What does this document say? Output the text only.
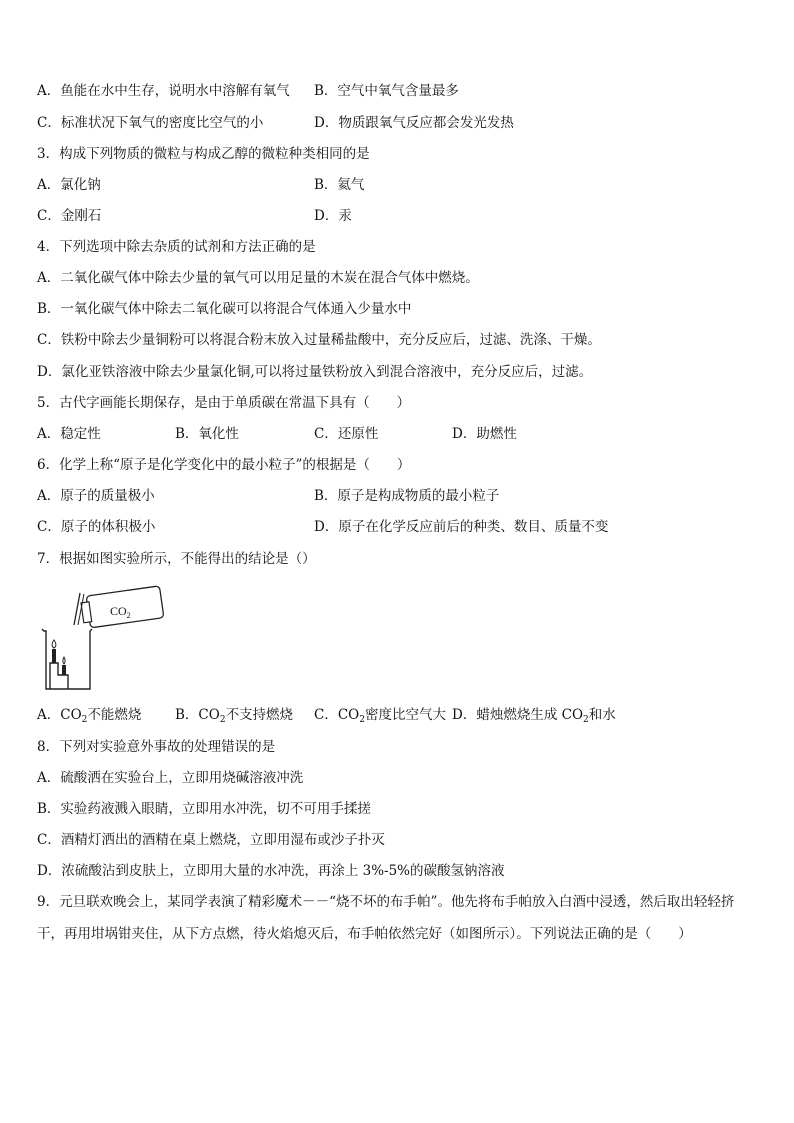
A．鱼能在水中生存，说明水中溶解有氧气 B．空气中氧气含量最多
C．标准状况下氧气的密度比空气的小	D．物质跟氧气反应都会发光发热
3．构成下列物质的微粒与构成乙醇的微粒种类相同的是
A．氯化钠	B．氦气
C．金刚石	D．汞
4．下列选项中除去杂质的试剂和方法正确的是
A．二氧化碳气体中除去少量的氧气可以用足量的木炭在混合气体中燃烧。
B．一氧化碳气体中除去二氧化碳可以将混合气体通入少量水中
C．铁粉中除去少量铜粉可以将混合粉末放入过量稀盐酸中，充分反应后，过滤、洗涤、干燥。
D．氯化亚铁溶液中除去少量氯化铜,可以将过量铁粉放入到混合溶液中，充分反应后，过滤。
5．古代字画能长期保存，是由于单质碳在常温下具有（　　）
A．稳定性	B．氧化性	C．还原性	D．助燃性
6．化学上称“原子是化学变化中的最小粒子”的根据是（　　）
A．原子的质量极小	B．原子是构成物质的最小粒子
C．原子的体积极小	D．原子在化学反应前后的种类、数目、质量不变
7．根据如图实验所示，不能得出的结论是（）
$CO_2$
A．$CO_2$不能燃烧 B．$CO_2$不支持燃烧 C．$CO_2$密度比空气大 D．蜡烛燃烧生成 $CO_2$和水
8．下列对实验意外事故的处理错误的是
A．硫酸洒在实验台上，立即用烧碱溶液冲洗
B．实验药液溅入眼睛，立即用水冲洗，切不可用手揉搓
C．酒精灯洒出的酒精在桌上燃烧，立即用湿布或沙子扑灭
D．浓硫酸沾到皮肤上，立即用大量的水冲洗，再涂上 3%-5%的碳酸氢钠溶液
9．元旦联欢晚会上，某同学表演了精彩魔术－－“烧不坏的布手帕”。他先将布手帕放入白酒中浸透，然后取出轻轻挤干，再用坩埚钳夹住，从下方点燃，待火焰熄灭后，布手帕依然完好（如图所示）。下列说法正确的是（　　）
